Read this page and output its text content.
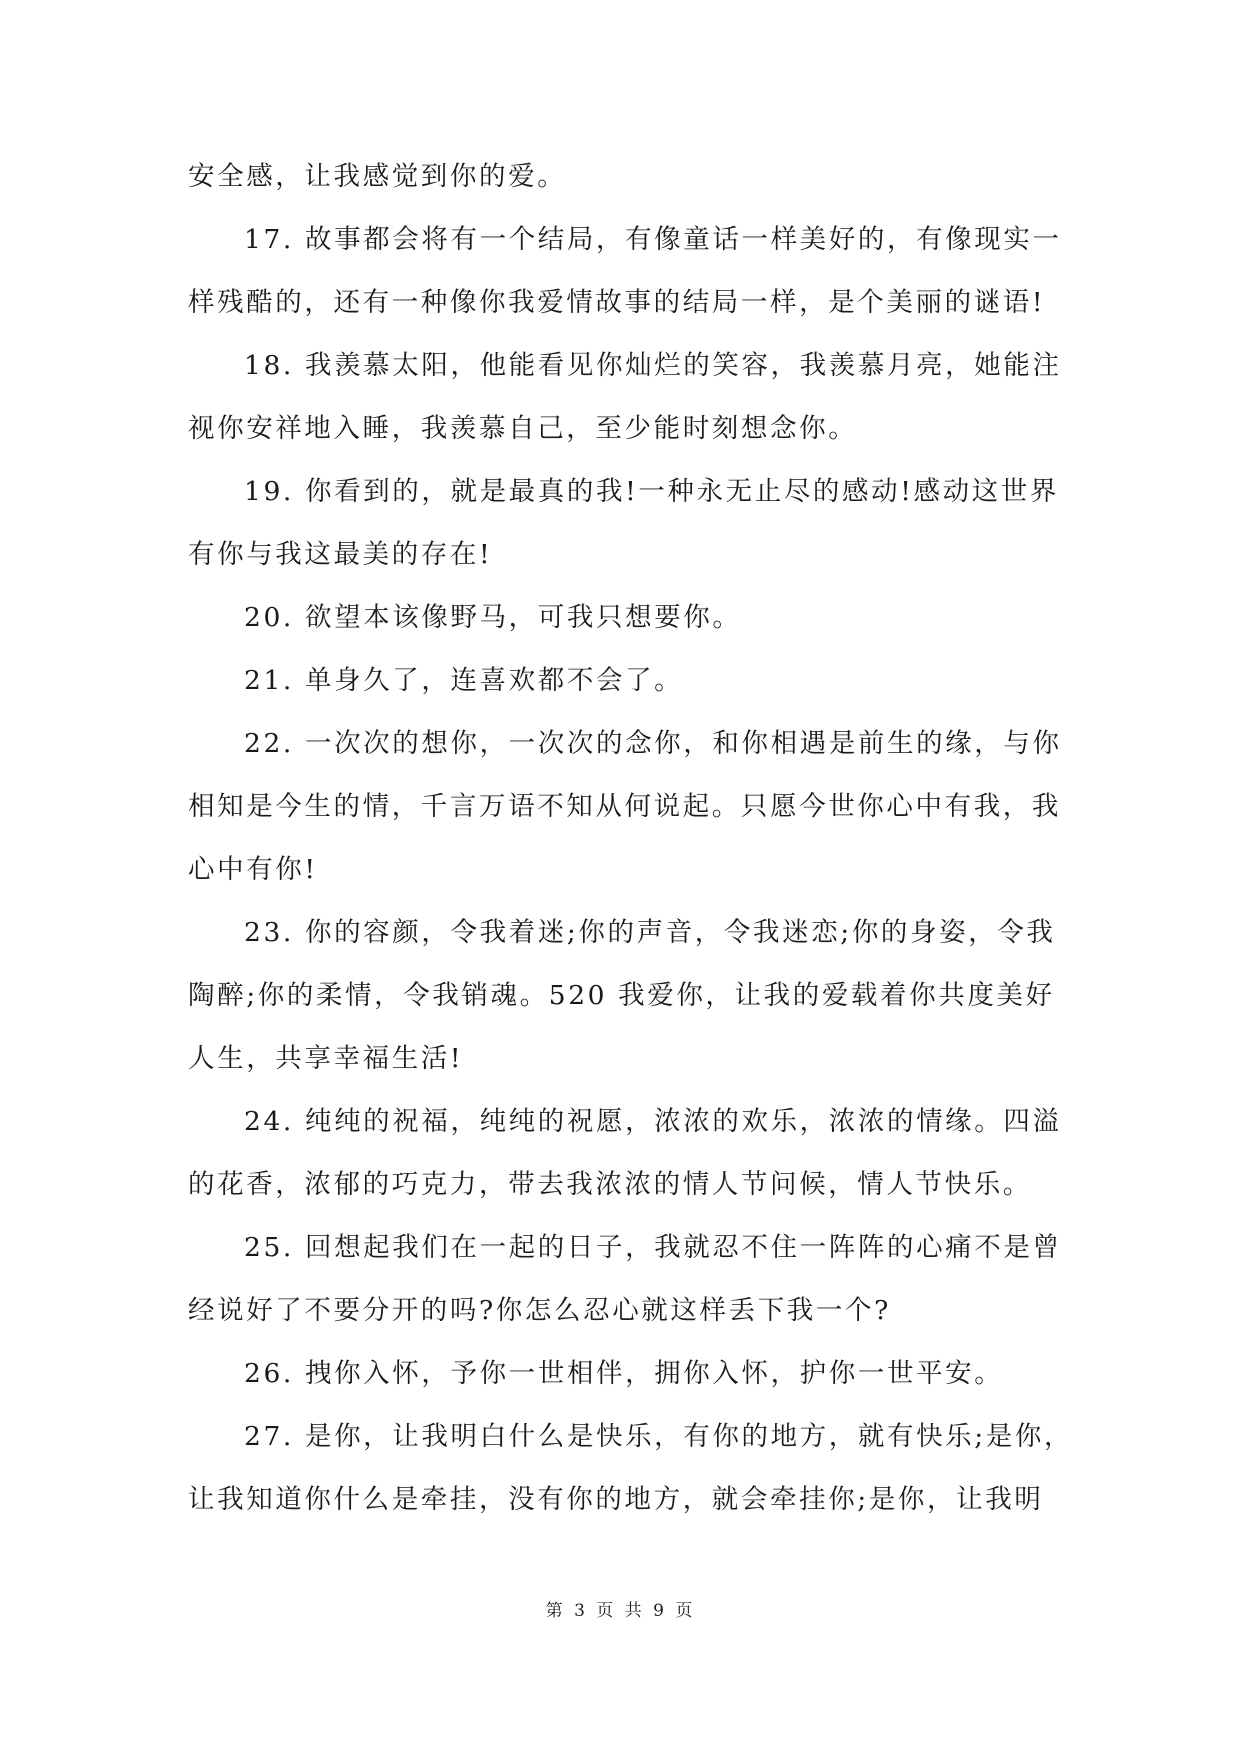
安全感，让我感觉到你的爱。
17. 故事都会将有一个结局，有像童话一样美好的，有像现实一
样残酷的，还有一种像你我爱情故事的结局一样，是个美丽的谜语!
18. 我羡慕太阳，他能看见你灿烂的笑容，我羡慕月亮，她能注
视你安祥地入睡，我羡慕自己，至少能时刻想念你。
19. 你看到的，就是最真的我!一种永无止尽的感动!感动这世界
有你与我这最美的存在!
20. 欲望本该像野马，可我只想要你。
21. 单身久了，连喜欢都不会了。
22. 一次次的想你，一次次的念你，和你相遇是前生的缘，与你
相知是今生的情，千言万语不知从何说起。只愿今世你心中有我，我
心中有你!
23. 你的容颜，令我着迷;你的声音，令我迷恋;你的身姿，令我
陶醉;你的柔情，令我销魂。520 我爱你，让我的爱载着你共度美好
人生，共享幸福生活!
24. 纯纯的祝福，纯纯的祝愿，浓浓的欢乐，浓浓的情缘。四溢
的花香，浓郁的巧克力，带去我浓浓的情人节问候，情人节快乐。
25. 回想起我们在一起的日子，我就忍不住一阵阵的心痛不是曾
经说好了不要分开的吗?你怎么忍心就这样丢下我一个?
26. 拽你入怀，予你一世相伴，拥你入怀，护你一世平安。
27. 是你，让我明白什么是快乐，有你的地方，就有快乐;是你，
让我知道你什么是牵挂，没有你的地方，就会牵挂你;是你，让我明
第 3 页 共 9 页
